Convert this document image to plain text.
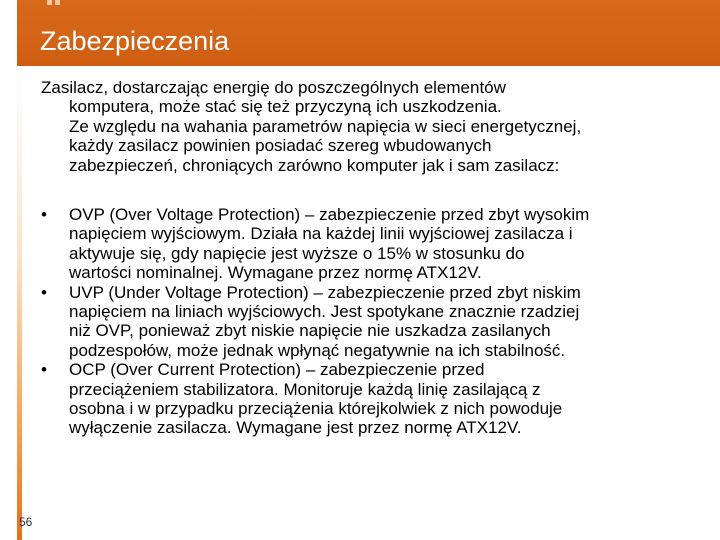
Zabezpieczenia
Zasilacz, dostarczając energię do poszczególnych elementów
komputera, może stać się też przyczyną ich uszkodzenia.
Ze względu na wahania parametrów napięcia w sieci energetycznej,
każdy zasilacz powinien posiadać szereg wbudowanych
zabezpieczeń, chroniących zarówno komputer jak i sam zasilacz:
•	OVP (Over Voltage Protection) – zabezpieczenie przed zbyt wysokim
napięciem wyjściowym. Działa na każdej linii wyjściowej zasilacza i
aktywuje się, gdy napięcie jest wyższe o 15% w stosunku do
wartości nominalnej. Wymagane przez normę ATX12V.
•	UVP (Under Voltage Protection) – zabezpieczenie przed zbyt niskim
napięciem na liniach wyjściowych. Jest spotykane znacznie rzadziej
niż OVP, ponieważ zbyt niskie napięcie nie uszkadza zasilanych
podzespołów, może jednak wpłynąć negatywnie na ich stabilność.
•	OCP (Over Current Protection) – zabezpieczenie przed
przeciążeniem stabilizatora. Monitoruje każdą linię zasilającą z
osobna i w przypadku przeciążenia którejkolwiek z nich powoduje
wyłączenie zasilacza. Wymagane jest przez normę ATX12V.
56
